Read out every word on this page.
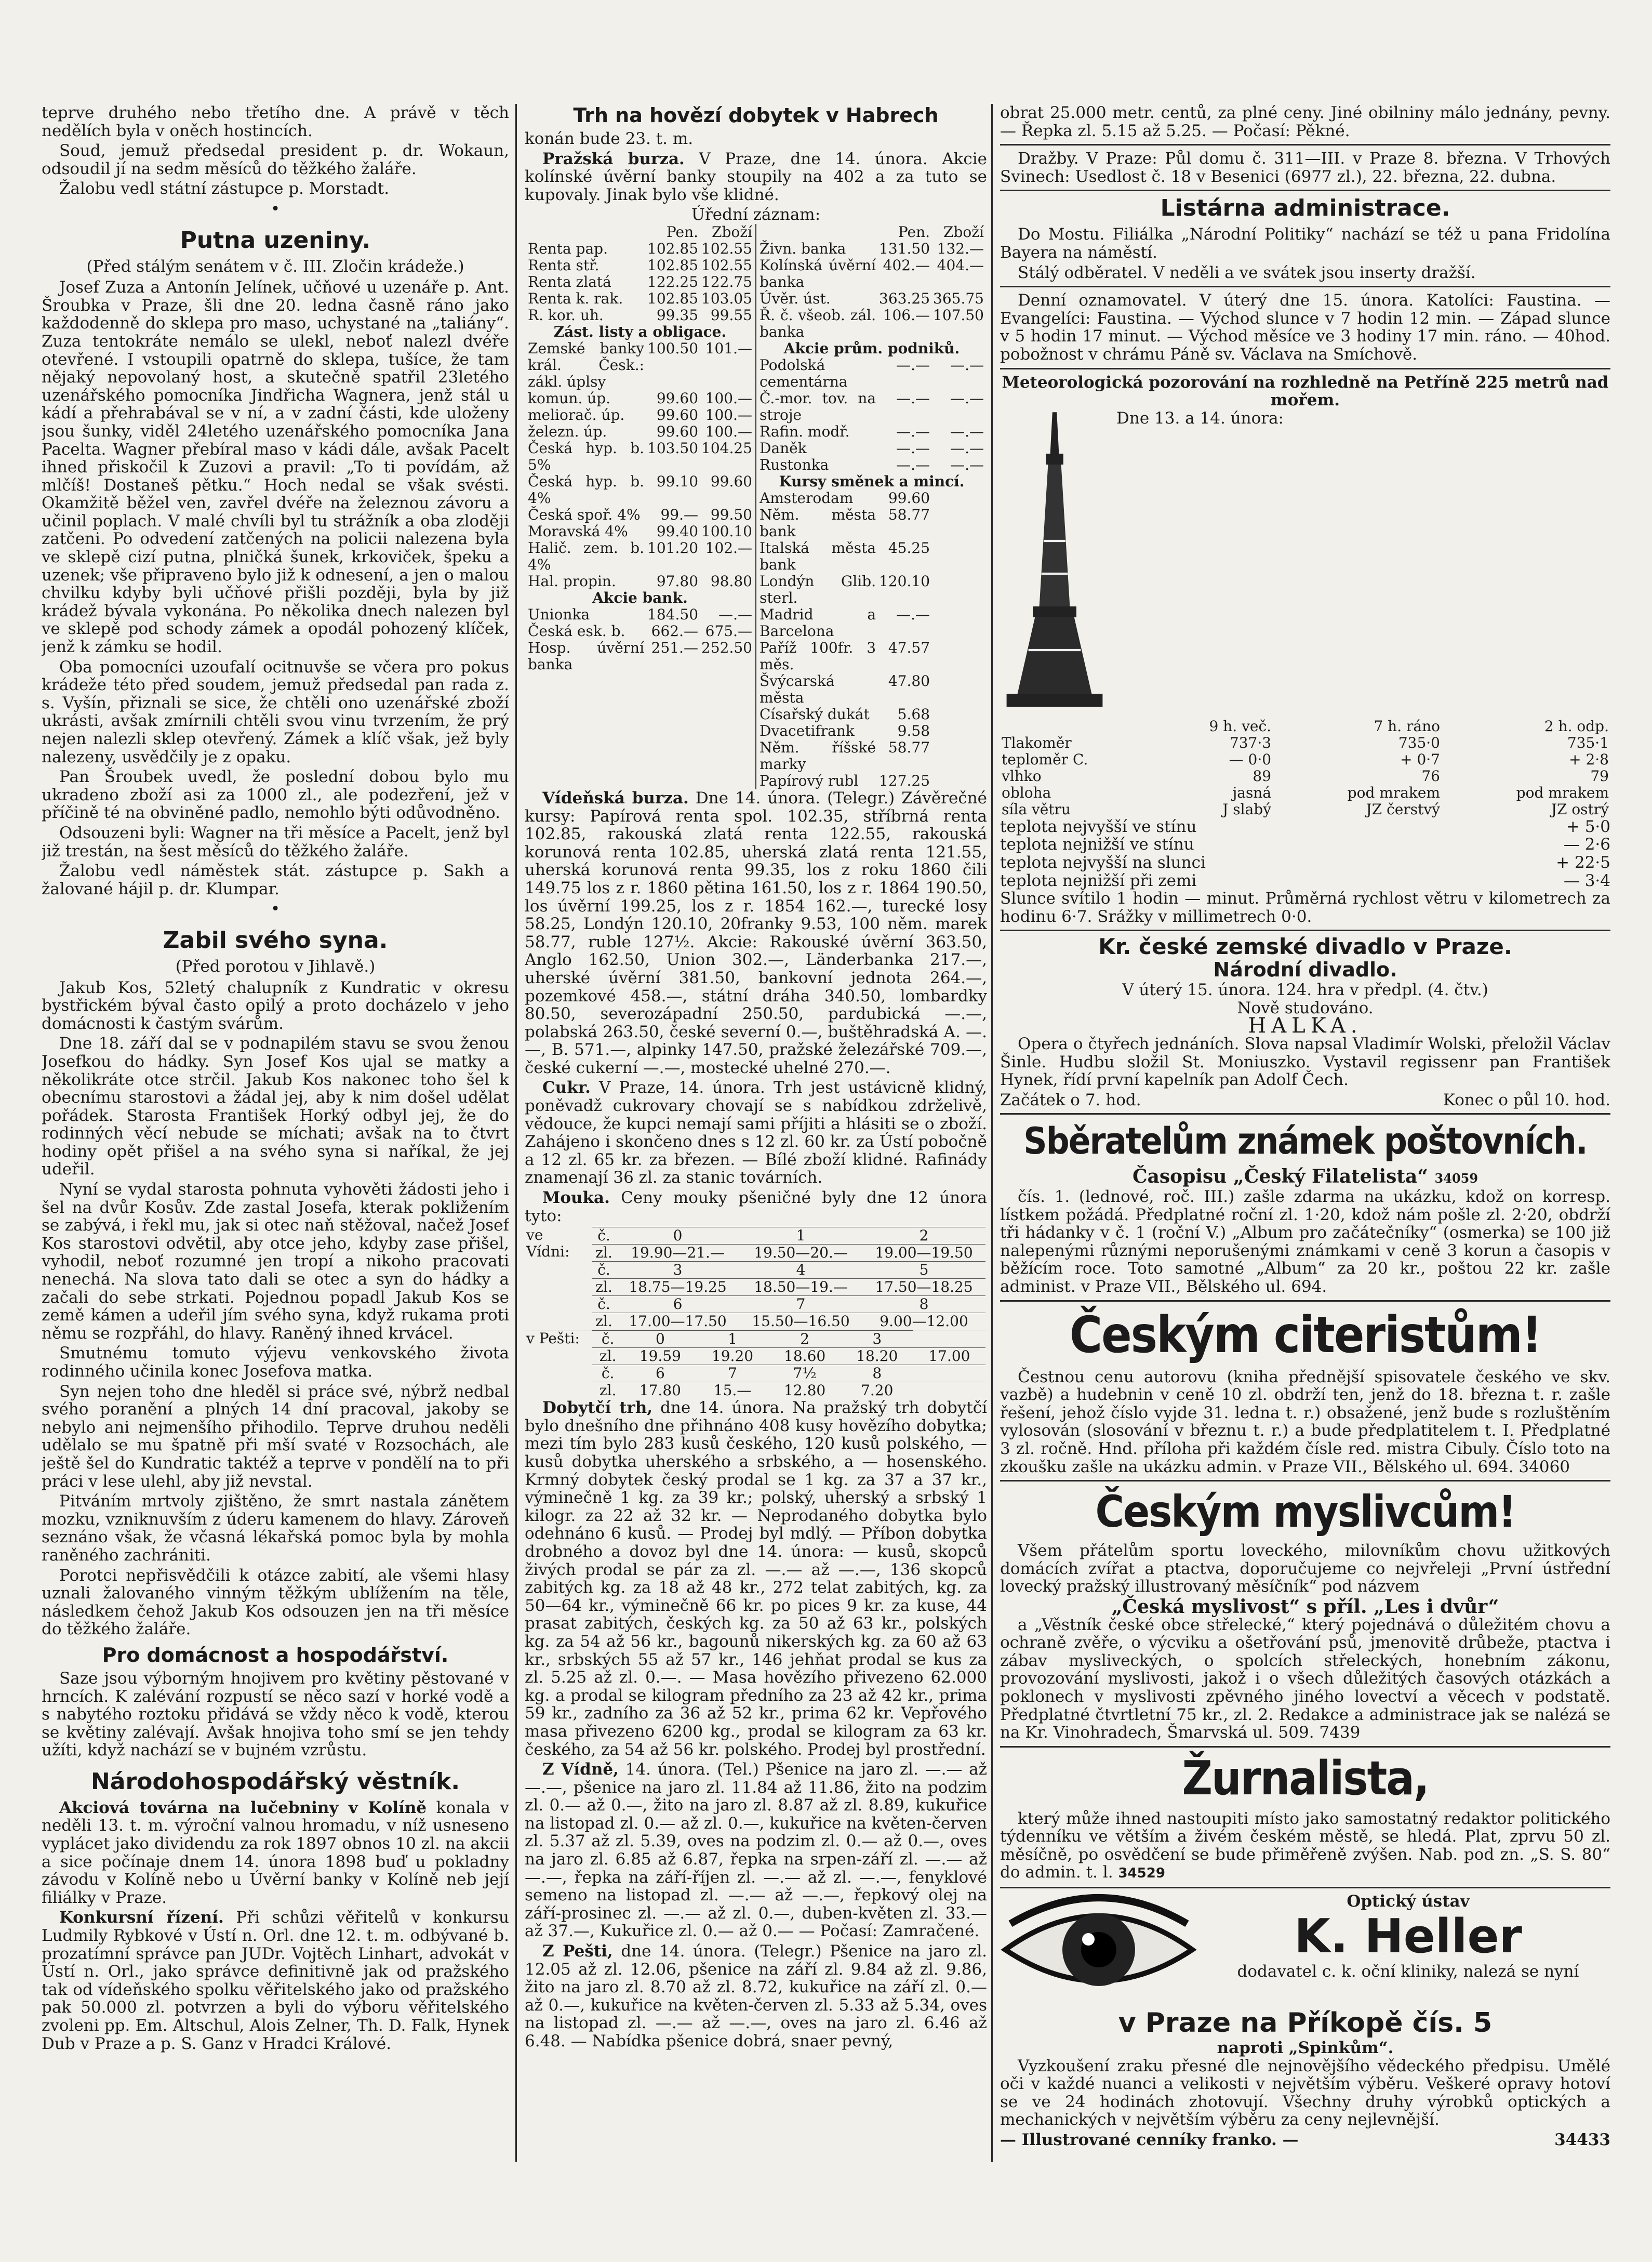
teprve druhého nebo třetího dne. A právě v těch nedělích byla v oněch hostincích.

Soud, jemuž předsedal president p. dr. Wokaun, odsoudil jí na sedm měsíců do těžkého žaláře.

Žalobu vedl státní zástupce p. Morstadt.

•
Putna uzeniny.
(Před stálým senátem v č. III. Zločin krádeže.)

Josef Zuza a Antonín Jelínek, učňové u uzenáře p. Ant. Šroubka v Praze, šli dne 20. ledna časně ráno jako každodenně do sklepa pro maso, uchystané na „taliány“. Zuza tentokráte nemálo se ulekl, neboť nalezl dvéře otevřené. I vstoupili opatrně do sklepa, tušíce, že tam nějaký nepovolaný host, a skutečně spatřil 23letého uzenářského pomocníka Jindřicha Wagnera, jenž stál u kádí a přehrabával se v ní, a v zadní části, kde uloženy jsou šunky, viděl 24letého uzenářského pomocníka Jana Pacelta. Wagner přebíral maso v kádi dále, avšak Pacelt ihned přiskočil k Zuzovi a pravil: „To ti povídám, až mlčíš! Dostaneš pětku.“ Hoch nedal se však svésti. Okamžitě běžel ven, zavřel dvéře na železnou závoru a učinil poplach. V malé chvíli byl tu strážník a oba zloději zatčeni. Po odvedení zatčených na policii nalezena byla ve sklepě cizí putna, plničká šunek, krkoviček, špeku a uzenek; vše připraveno bylo již k odnesení, a jen o malou chvilku kdyby byli učňové přišli později, byla by již krádež bývala vykonána. Po několika dnech nalezen byl ve sklepě pod schody zámek a opodál pohozený klíček, jenž k zámku se hodil.

Oba pomocníci uzoufalí ocitnuvše se včera pro pokus krádeže této před soudem, jemuž předsedal pan rada z. s. Vyšín, přiznali se sice, že chtěli ono uzenářské zboží ukrásti, avšak zmírnili chtěli svou vinu tvrzením, že prý nejen nalezli sklep otevřený. Zámek a klíč však, jež byly nalezeny, usvědčily je z opaku.

Pan Šroubek uvedl, že poslední dobou bylo mu ukradeno zboží asi za 1000 zl., ale podezření, jež v příčině té na obviněné padlo, nemohlo býti odůvodněno.

Odsouzeni byli: Wagner na tři měsíce a Pacelt, jenž byl již trestán, na šest měsíců do těžkého žaláře.

Žalobu vedl náměstek stát. zástupce p. Sakh a žalované hájil p. dr. Klumpar.

•
Zabil svého syna.
(Před porotou v Jihlavě.)

Jakub Kos, 52letý chalupník z Kundratic v okresu bystřickém býval často opilý a proto docházelo v jeho domácnosti k častým svárům.

Dne 18. září dal se v podnapilém stavu se svou ženou Josefkou do hádky. Syn Josef Kos ujal se matky a několikráte otce strčil. Jakub Kos nakonec toho šel k obecnímu starostovi a žádal jej, aby k nim došel udělat pořádek. Starosta František Horký odbyl jej, že do rodinných věcí nebude se míchati; avšak na to čtvrt hodiny opět přišel a na svého syna si naříkal, že jej udeřil.

Nyní se vydal starosta pohnuta vyhověti žádosti jeho i šel na dvůr Kosův. Zde zastal Josefa, kterak pokližením se zabývá, i řekl mu, jak si otec naň stěžoval, načež Josef Kos starostovi odvětil, aby otce jeho, kdyby zase přišel, vyhodil, neboť rozumné jen tropí a nikoho pracovati nenechá. Na slova tato dali se otec a syn do hádky a začali do sebe strkati. Pojednou popadl Jakub Kos se země kámen a udeřil jím svého syna, když rukama proti němu se rozpřáhl, do hlavy. Raněný ihned krvácel.

Smutnému tomuto výjevu venkovského života rodinného učinila konec Josefova matka.

Syn nejen toho dne hleděl si práce své, nýbrž nedbal svého poranění a plných 14 dní pracoval, jakoby se nebylo ani nejmenšího přihodilo. Teprve druhou neděli udělalo se mu špatně při mší svaté v Rozsochách, ale ještě šel do Kundratic taktéž a teprve v pondělí na to při práci v lese ulehl, aby již nevstal.

Pitváním mrtvoly zjištěno, že smrt nastala zánětem mozku, vzniknuvším z úderu kamenem do hlavy. Zároveň seznáno však, že včasná lékařská pomoc byla by mohla raněného zachrániti.

Porotci nepřisvědčili k otázce zabití, ale všemi hlasy uznali žalovaného vinným těžkým ublížením na těle, následkem čehož Jakub Kos odsouzen jen na tři měsíce do těžkého žaláře.

Pro domácnost a hospodářství.

Saze jsou výborným hnojivem pro květiny pěstované v hrncích. K zalévání rozpustí se něco sazí v horké vodě a s nabytého roztoku přidává se vždy něco k vodě, kterou se květiny zalévají. Avšak hnojiva toho smí se jen tehdy užíti, když nachází se v bujném vzrůstu.

Národohospodářský věstník.

Akciová továrna na lučebniny v Kolíně konala v neděli 13. t. m. výroční valnou hromadu, v níž usneseno vyplácet jako dividendu za rok 1897 obnos 10 zl. na akcii a sice počínaje dnem 14. února 1898 buď u pokladny závodu v Kolíně nebo u Úvěrní banky v Kolíně neb její filiálky v Praze.

Konkursní řízení. Při schůzi věřitelů v konkursu Ludmily Rybkové v Ústí n. Orl. dne 12. t. m. odbývané b. prozatímní správce pan JUDr. Vojtěch Linhart, advokát v Ústí n. Orl., jako správce definitivně jak od pražského tak od vídeňského spolku věřitelského jako od pražského pak 50.000 zl. potvrzen a byli do výboru věřitelského zvoleni pp. Em. Altschul, Alois Zelner, Th. D. Falk, Hynek Dub v Praze a p. S. Ganz v Hradci Králové.

Trh na hovězí dobytek v Habrech

konán bude 23. t. m.

Pražská burza. V Praze, dne 14. února. Akcie kolínské úvěrní banky stoupily na 402 a za tuto se kupovaly. Jinak bylo vše klidné.

Úřední záznam:
	Pen.	Zboží
Renta pap.	102.85	102.55
Renta stř.	102.85	102.55
Renta zlatá	122.25	122.75
Renta k. rak.	102.85	103.05
R. kor. uh.	99.35	99.55
Zást. listy a obligace.
Zemské banky král. Česk.: zákl. úplsy	100.50	101.—
komun. úp.	99.60	100.—
meliorač. úp.	99.60	100.—
železn. úp.	99.60	100.—
Česká hyp. b. 5%	103.50	104.25
Česká hyp. b. 4%	99.10	99.60
Česká spoř. 4%	99.—	99.50
Moravská 4%	99.40	100.10
Halič. zem. b. 4%	101.20	102.—
Hal. propin.	97.80	98.80
Akcie bank.
Unionka	184.50	—.—
Česká esk. b.	662.—	675.—
Hosp. úvěrní banka	251.—	252.50

	Pen.	Zboží
Živn. banka	131.50	132.—
Kolínská úvěrní banka	402.—	404.—
Úvěr. úst.	363.25	365.75
Ř. č. všeob. zál. banka	106.—	107.50
Akcie prům. podniků.
Podolská cementárna	—.—	—.—
Č.-mor. tov. na stroje	—.—	—.—
Rafin. modř.	—.—	—.—
Daněk	—.—	—.—
Rustonka	—.—	—.—
Kursy směnek a mincí.
Amsterodam	99.60	
Něm. města bank	58.77	
Italská města bank	45.25	
Londýn Glib. sterl.	120.10	
Madrid a Barcelona	—.—	
Paříž 100fr. 3 měs.	47.57	
Švýcarská města	47.80	
Císařský dukát	5.68	
Dvacetifrank	9.58	
Něm. říšské marky	58.77	
Papírový rubl	127.25	

Vídeňská burza. Dne 14. února. (Telegr.) Závěrečné kursy: Papírová renta spol. 102.35, stříbrná renta 102.85, rakouská zlatá renta 122.55, rakouská korunová renta 102.85, uherská zlatá renta 121.55, uherská korunová renta 99.35, los z roku 1860 čili 149.75 los z r. 1860 pětina 161.50, los z r. 1864 190.50, los úvěrní 199.25, los z r. 1854 162.—, turecké losy 58.25, Londýn 120.10, 20franky 9.53, 100 něm. marek 58.77, ruble 127½. Akcie: Rakouské úvěrní 363.50, Anglo 162.50, Union 302.—, Länderbanka 217.—, uherské úvěrní 381.50, bankovní jednota 264.—, pozemkové 458.—, státní dráha 340.50, lombardky 80.50, severozápadní 250.50, pardubická —.—, polabská 263.50, české severní 0.—, buštěhradská A. —.—, B. 571.—, alpinky 147.50, pražské železářské 709.—, české cukerní —.—, mostecké uhelné 270.—.

Cukr. V Praze, 14. února. Trh jest ustávicně klidný, poněvadž cukrovary chovají se s nabídkou zdrželivě, vědouce, že kupci nemají sami příjiti a hlásiti se o zboží. Zahájeno i skončeno dnes s 12 zl. 60 kr. za Ústí pobočně a 12 zl. 65 kr. za březen. — Bílé zboží klidné. Rafinády znamenají 36 zl. za stanic továrních.

Mouka. Ceny mouky pšeničné byly dne 12 února tyto:

ve Vídni:	
č.	0	1	2
zl.	19.90—21.—	19.50—20.—	19.00—19.50
č.	3	4	5
zl.	18.75—19.25	18.50—19.—	17.50—18.25
č.	6	7	8
zl.	17.00—17.50	15.50—16.50	9.00—12.00

v Pešti:	č.	0	1	2	3
zl.	19.59	19.20	18.60	18.20	17.00
č.	6	7	7½	8	
zl.	17.80	15.—	12.80	7.20	

Dobytčí trh, dne 14. února. Na pražský trh dobytčí bylo dnešního dne přihnáno 408 kusy hovězího dobytka; mezi tím bylo 283 kusů českého, 120 kusů polského, — kusů dobytka uherského a srbského, a — hosenského. Krmný dobytek český prodal se 1 kg. za 37 a 37 kr., výminečně 1 kg. za 39 kr.; polský, uherský a srbský 1 kilogr. za 22 až 32 kr. — Neprodaného dobytka bylo odehnáno 6 kusů. — Prodej byl mdlý. — Příbon dobytka drobného a dovoz byl dne 14. února: — kusů, skopců živých prodal se pár za zl. —.— až —.—, 136 skopců zabitých kg. za 18 až 48 kr., 272 telat zabitých, kg. za 50—64 kr., výminečně 66 kr. po pices 9 kr. za kuse, 44 prasat zabitých, českých kg. za 50 až 63 kr., polských kg. za 54 až 56 kr., bagounů nikerských kg. za 60 až 63 kr., srbských 55 až 57 kr., 146 jehňat prodal se kus za zl. 5.25 až zl. 0.—. — Masa hovězího přivezeno 62.000 kg. a prodal se kilogram předního za 23 až 42 kr., prima 59 kr., zadního za 36 až 52 kr., prima 62 kr. Vepřového masa přivezeno 6200 kg., prodal se kilogram za 63 kr. českého, za 54 až 56 kr. polského. Prodej byl prostřední.

Z Vídně, 14. února. (Tel.) Pšenice na jaro zl. —.— až —.—, pšenice na jaro zl. 11.84 až 11.86, žito na podzim zl. 0.— až 0.—, žito na jaro zl. 8.87 až zl. 8.89, kukuřice na listopad zl. 0.— až zl. 0.—, kukuřice na květen-červen zl. 5.37 až zl. 5.39, oves na podzim zl. 0.— až 0.—, oves na jaro zl. 6.85 až 6.87, řepka na srpen-září zl. —.— až —.—, řepka na září-říjen zl. —.— až zl. —.—, fenyklové semeno na listopad zl. —.— až —.—, řepkový olej na září-prosinec zl. —.— až zl. 0.—, duben-květen zl. 33.— až 37.—, Kukuřice zl. 0.— až 0.— — Počasí: Zamračené.

Z Pešti, dne 14. února. (Telegr.) Pšenice na jaro zl. 12.05 až zl. 12.06, pšenice na září zl. 9.84 až zl. 9.86, žito na jaro zl. 8.70 až zl. 8.72, kukuřice na září zl. 0.— až 0.—, kukuřice na květen-červen zl. 5.33 až 5.34, oves na listopad zl. —.— až —.—, oves na jaro zl. 6.46 až 6.48. — Nabídka pšenice dobrá, snaer pevný,

obrat 25.000 metr. centů, za plné ceny. Jiné obilniny málo jednány, pevny. — Řepka zl. 5.15 až 5.25. — Počasí: Pěkné.

Dražby. V Praze: Půl domu č. 311—III. v Praze 8. března. V Trhových Svinech: Usedlost č. 18 v Besenici (6977 zl.), 22. března, 22. dubna.

Listárna administrace.

Do Mostu. Filiálka „Národní Politiky“ nachází se též u pana Fridolína Bayera na náměstí.

Stálý odběratel. V neděli a ve svátek jsou inserty dražší.

Denní oznamovatel. V úterý dne 15. února. Katolíci: Faustina. — Evangelíci: Faustina. — Východ slunce v 7 hodin 12 min. — Západ slunce v 5 hodin 17 minut. — Východ měsíce ve 3 hodiny 17 min. ráno. — 40hod. pobožnost v chrámu Páně sv. Václava na Smíchově.

Meteorologická pozorování na rozhledně na Petříně 225 metrů nad mořem.
Dne 13. a 14. února:
	9 h. več.	7 h. ráno	2 h. odp.
Tlakoměr	737·3	735·0	735·1
teploměr C.	— 0·0	+ 0·7	+ 2·8
vlhko	89	76	79
obloha	jasná	pod mrakem	pod mrakem
síla větru	J slabý	JZ čerstvý	JZ ostrý
teplota nejvyšší ve stínu	+ 5·0
teplota nejnižší ve stínu	— 2·6
teplota nejvyšší na slunci	+ 22·5
teplota nejnižší při zemi	— 3·4
Slunce svítilo 1 hodin — minut. Průměrná rychlost větru v kilometrech za hodinu 6·7. Srážky v millimetrech 0·0.
Kr. české zemské divadlo v Praze.
Národní divadlo.
V úterý 15. února. 124. hra v předpl. (4. čtv.)
Nově studováno.
HALKA.

Opera o čtyřech jednáních. Slova napsal Vladimír Wolski, přeložil Václav Šinle. Hudbu složil St. Moniuszko. Vystavil regissenr pan František Hynek, řídí první kapelník pan Adolf Čech.

Začátek o 7. hod.	Konec o půl 10. hod.
Sběratelům známek poštovních.
Časopisu „Český Filatelista“ 34059

čís. 1. (lednové, roč. III.) zašle zdarma na ukázku, kdož on korresp. lístkem požádá. Předplatné roční zl. 1·20, kdož nám pošle zl. 2·20, obdrží tři hádanky v č. 1 (roční V.) „Album pro začátečníky“ (osmerka) se 100 již nalepenými různými neporušenými známkami v ceně 3 korun a časopis v běžícím roce. Toto samotné „Album“ za 20 kr., poštou 22 kr. zašle administ. v Praze VII., Bělského ul. 694.

Českým citeristům!

Čestnou cenu autorovu (kniha přednější spisovatele českého ve skv. vazbě) a hudebnin v ceně 10 zl. obdrží ten, jenž do 18. března t. r. zašle řešení, jehož číslo vyjde 31. ledna t. r.) obsažené, jenž bude s rozluštěním vylosován (slosování v březnu t. r.) a bude předplatitelem t. I. Předplatné 3 zl. ročně. Hnd. příloha při každém čísle red. mistra Cibuly. Číslo toto na zkoušku zašle na ukázku admin. v Praze VII., Bělského ul. 694. 34060

Českým myslivcům!

Všem přátelům sportu loveckého, milovníkům chovu užitkových domácích zvířat a ptactva, doporučujeme co nejvřeleji „První ústřední lovecký pražský illustrovaný měsíčník“ pod názvem

„Česká myslivost“ s příl. „Les i dvůr“

a „Věstník české obce střelecké,“ který pojednává o důležitém chovu a ochraně zvěře, o výcviku a ošetřování psů, jmenovitě drůbeže, ptactva i zábav mysliveckých, o spolcích střeleckých, honebním zákonu, provozování myslivosti, jakož i o všech důležitých časových otázkách a poklonech v myslivosti zpěvného jiného lovectví a věcech v podstatě. Předplatné čtvrtletní 75 kr., zl. 2. Redakce a administrace jak se nalézá se na Kr. Vinohradech, Šmarvská ul. 509. 7439

Žurnalista,

který může ihned nastoupiti místo jako samostatný redaktor politického týdenníku ve větším a živém českém městě, se hledá. Plat, zprvu 50 zl. měsíčně, po osvědčení se bude přiměřeně zvýšen. Nab. pod zn. „S. S. 80“ do admin. t. l. 34529

Optický ústav
K. Heller
dodavatel c. k. oční kliniky, nalezá se nyní
v Praze na Příkopě čís. 5
naproti „Spinkům“.

Vyzkoušení zraku přesné dle nejnovějšího vědeckého předpisu. Umělé oči v každé nuanci a velikosti v největším výběru. Veškeré opravy hotoví se ve 24 hodinách zhotovují. Všechny druhy výrobků optických a mechanických v největším výběru za ceny nejlevnější.

— Illustrované cenníky franko. —	34433
